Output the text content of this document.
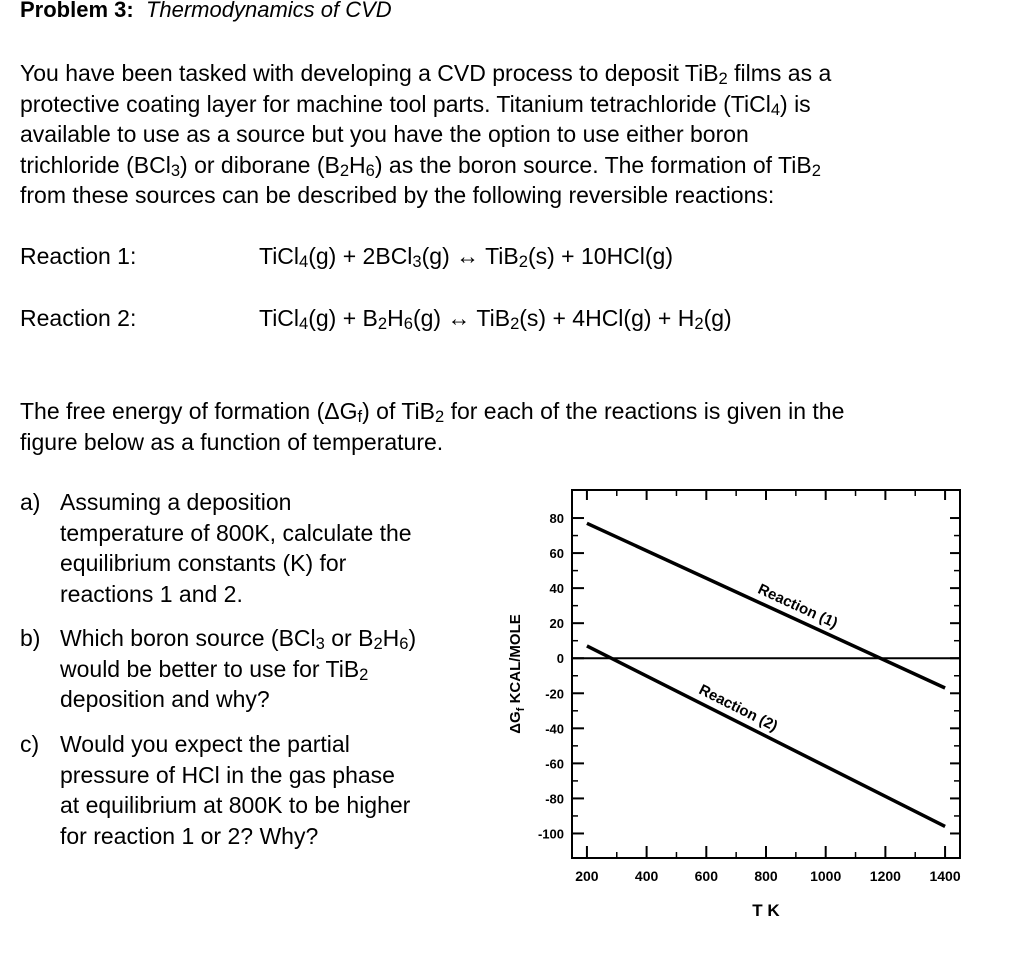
Problem 3: Thermodynamics of CVD
You have been tasked with developing a CVD process to deposit TiB$_2$ films as a
protective coating layer for machine tool parts. Titanium tetrachloride (TiCl$_4$) is
available to use as a source but you have the option to use either boron
trichloride (BCl$_3$) or diborane $(B_2H_6)$ as the boron source. The formation of TiB$_2$
from these sources can be described by the following reversible reactions:
Reaction 1:	TiCl$_4$(g) + 2BCl$_3$(g) ↔ TiB$_2$(s) + 10HCl(g)
Reaction 2:	TiCl$_4$(g) + $B_2H_6(g)$ ↔ $TiB_2(s) + 4HCl(g) + H_2(g)$
The free energy of formation $(\Delta G_f)$ of TiB$_2$ for each of the reactions is given in the
figure below as a function of temperature.
a) Assuming a deposition
temperature of 800K, calculate the
equilibrium constants (K) for
reactions 1 and 2.
b) Which boron source (BCl$_3$ or $B_2H_6$)
would be better to use for TiB$_2$
deposition and why?
c) Would you expect the partial
pressure of HCl in the gas phase
at equilibrium at 800K to be higher
for reaction 1 or 2? Why?
80
60
40
20
0
-20
-40
-60
-80
-100
200	400	600	800 1000 1200 1400
Reaction (1)
Reaction (2)
T K
$\Delta G_f$ KCAL/MOLE
